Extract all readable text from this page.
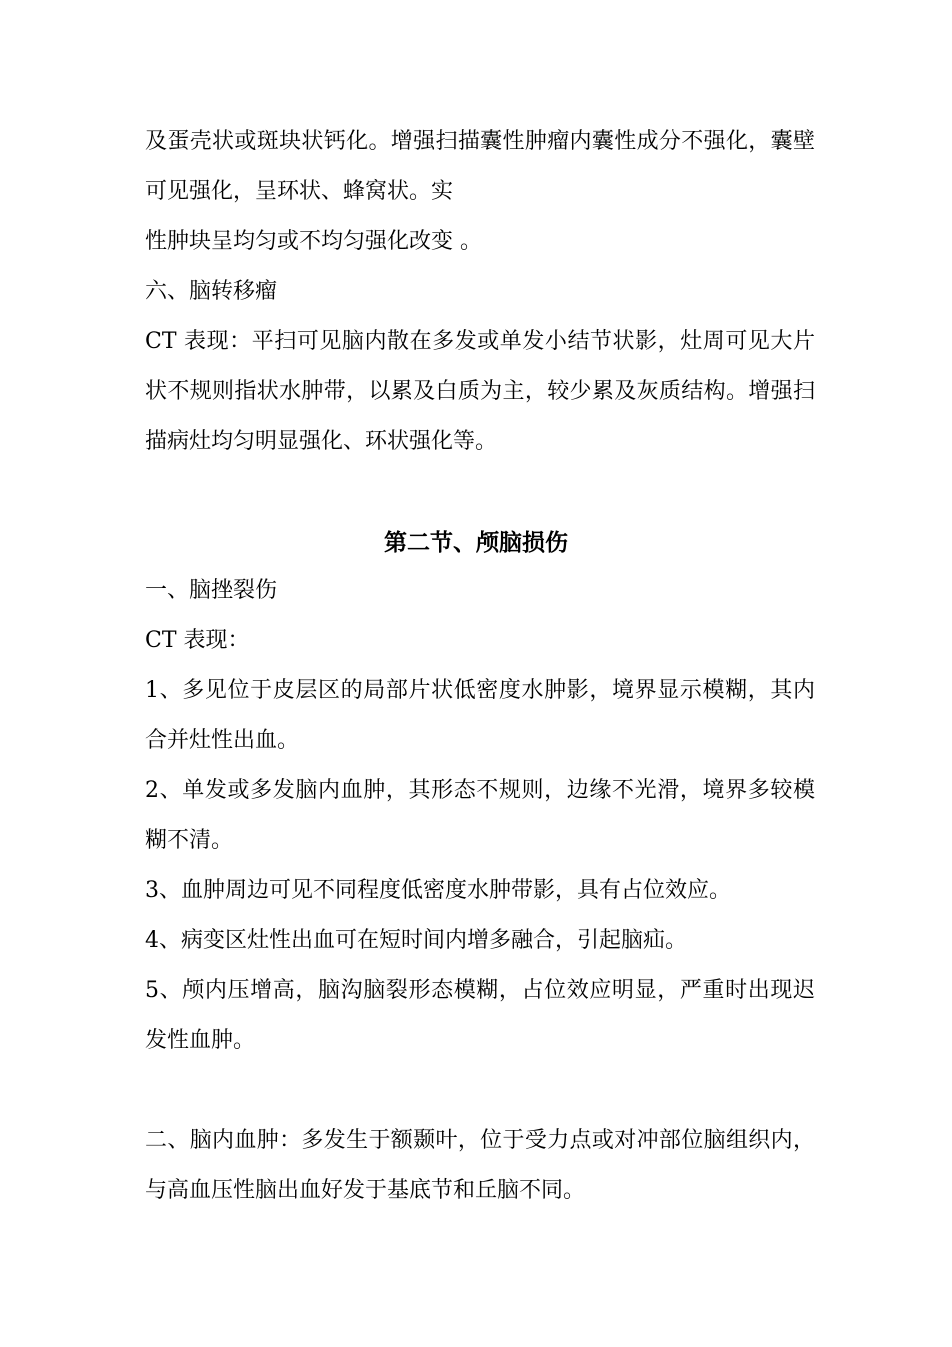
及蛋壳状或斑块状钙化。增强扫描囊性肿瘤内囊性成分不强化，囊壁
可见强化，呈环状、蜂窝状。实
性肿块呈均匀或不均匀强化改变 。
六、脑转移瘤
CT 表现：平扫可见脑内散在多发或单发小结节状影，灶周可见大片
状不规则指状水肿带，以累及白质为主，较少累及灰质结构。增强扫
描病灶均匀明显强化、环状强化等。
第二节、颅脑损伤
一、脑挫裂伤
CT 表现：
1、多见位于皮层区的局部片状低密度水肿影，境界显示模糊，其内
合并灶性出血。
2、单发或多发脑内血肿，其形态不规则，边缘不光滑，境界多较模
糊不清。
3、血肿周边可见不同程度低密度水肿带影，具有占位效应。
4、病变区灶性出血可在短时间内增多融合，引起脑疝。
5、颅内压增高，脑沟脑裂形态模糊，占位效应明显，严重时出现迟
发性血肿。
二、脑内血肿：多发生于额颞叶，位于受力点或对冲部位脑组织内，
与高血压性脑出血好发于基底节和丘脑不同。
